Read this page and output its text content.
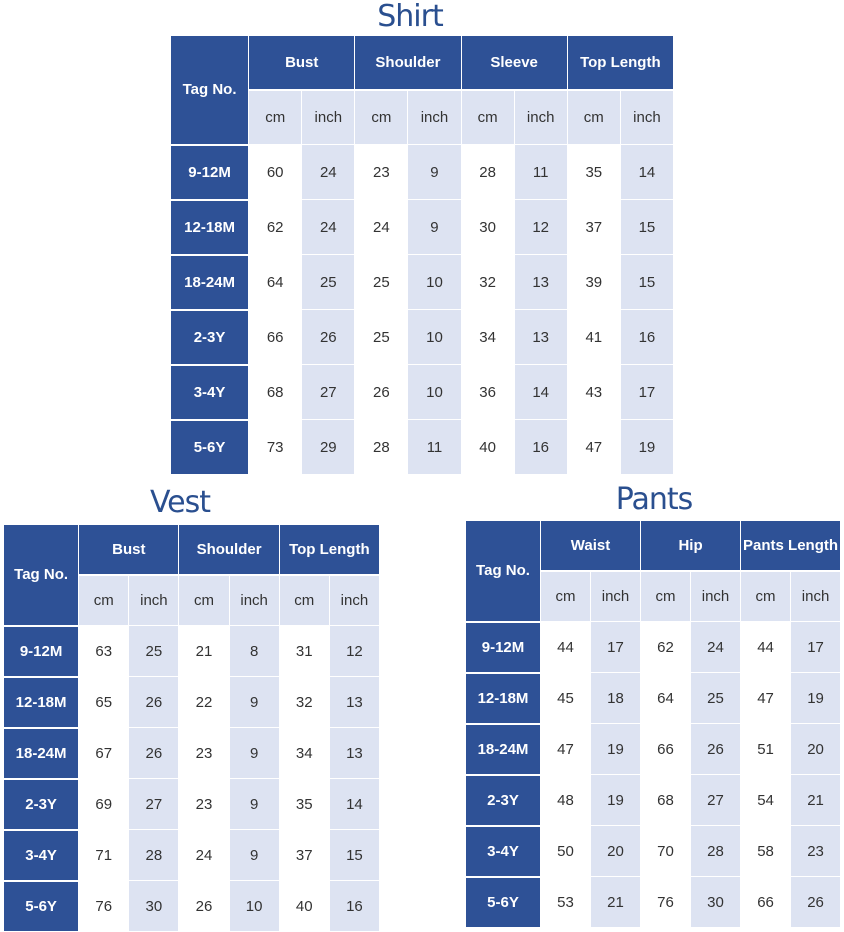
Shirt
Vest	Pants
Tag No.	Bust		Shoulder		Sleeve		Top Length	
	cm	inch	cm	inch	cm	inch	cm	inch
9-12M	60	24	23	9	28	11	35	14
12-18M	62	24	24	9	30	12	37	15
18-24M	64	25	25	10	32	13	39	15
2-3Y	66	26	25	10	34	13	41	16
3-4Y	68	27	26	10	36	14	43	17
5-6Y	73	29	28	11	40	16	47	19
Tag No.	Bust		Shoulder		Top Length	
	cm	inch	cm	inch	cm	inch
9-12M	63	25	21	8	31	12
12-18M	65	26	22	9	32	13
18-24M	67	26	23	9	34	13
2-3Y	69	27	23	9	35	14
3-4Y	71	28	24	9	37	15
5-6Y	76	30	26	10	40	16
Tag No.	Waist		Hip		Pants Length	
	cm	inch	cm	inch	cm	inch
9-12M	44	17	62	24	44	17
12-18M	45	18	64	25	47	19
18-24M	47	19	66	26	51	20
2-3Y	48	19	68	27	54	21
3-4Y	50	20	70	28	58	23
5-6Y	53	21	76	30	66	26
